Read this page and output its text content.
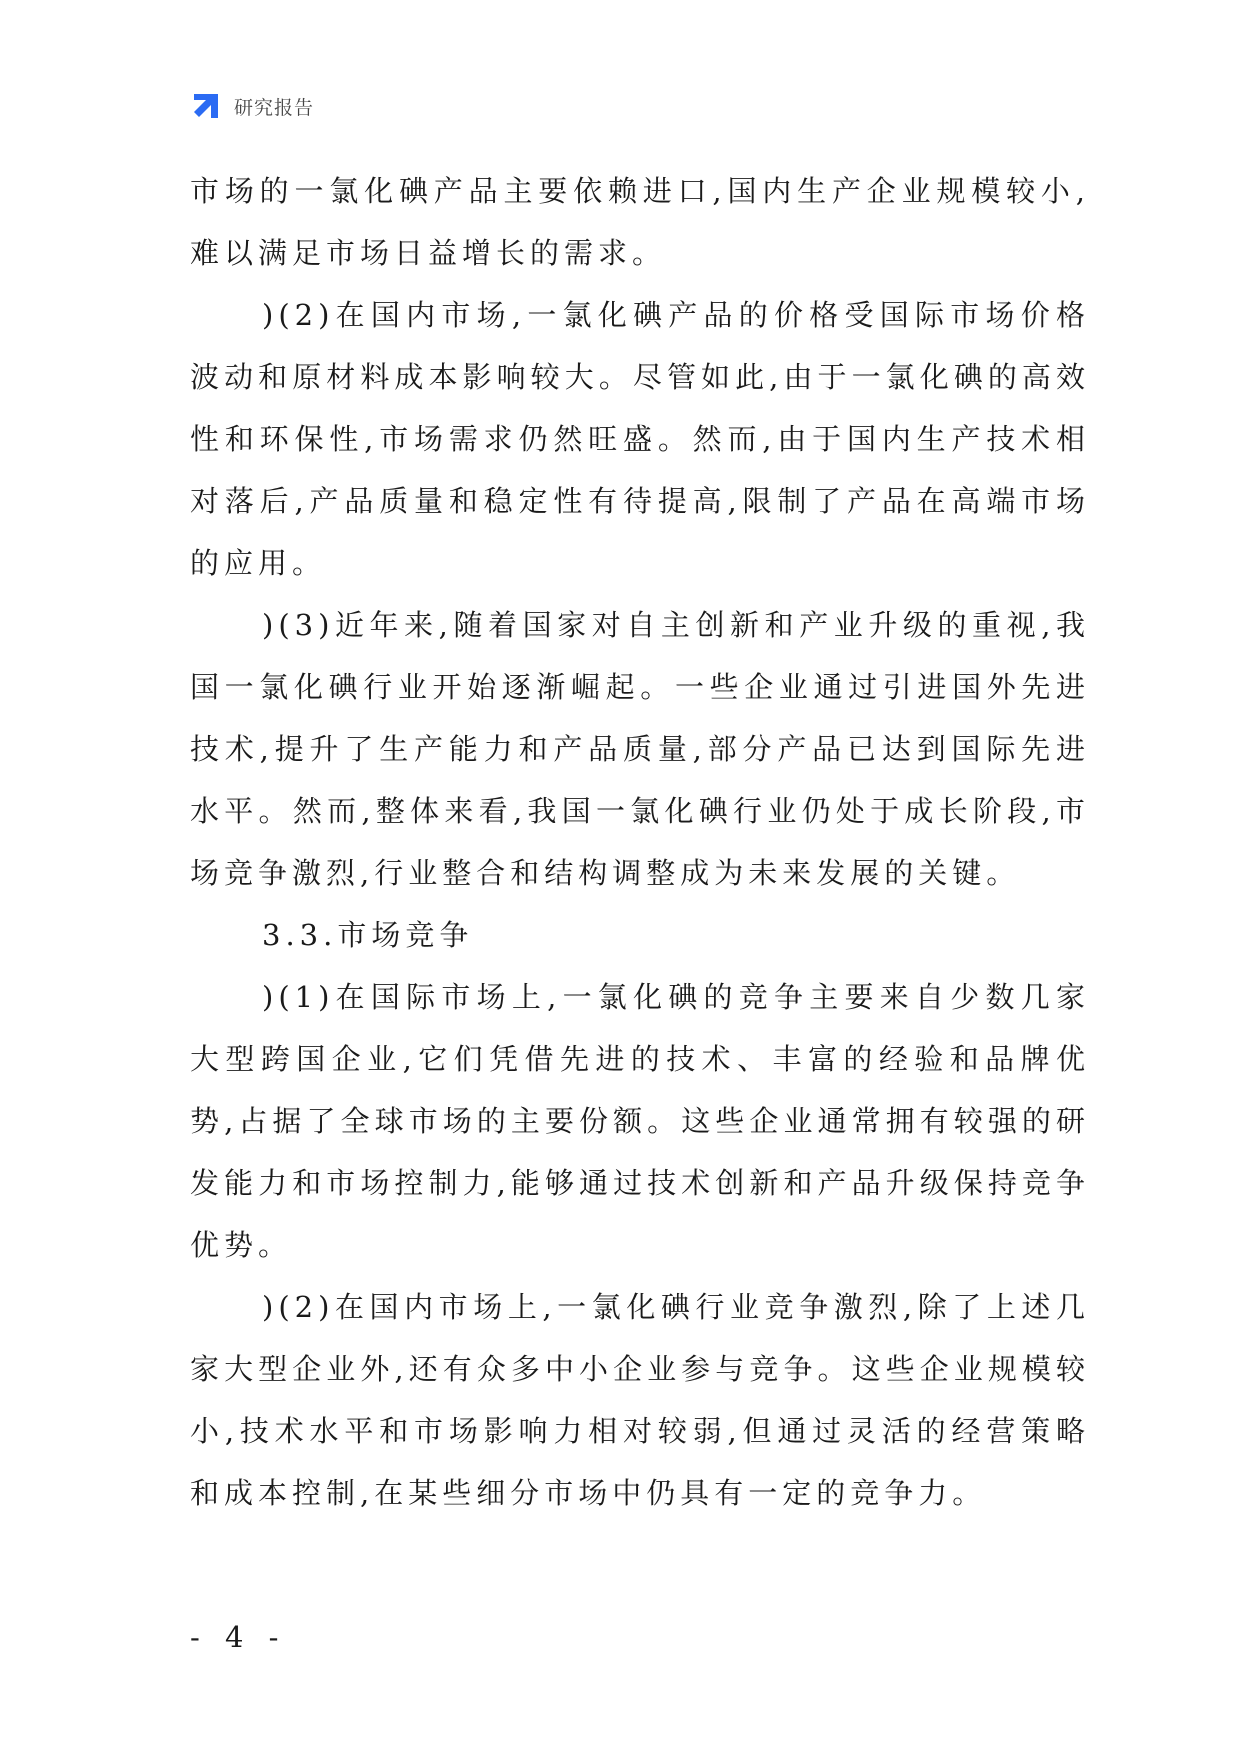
研究报告

市场的一氯化碘产品主要依赖进口,国内生产企业规模较小,难以满足市场日益增长的需求。

)(2)在国内市场,一氯化碘产品的价格受国际市场价格波动和原材料成本影响较大。尽管如此,由于一氯化碘的高效性和环保性,市场需求仍然旺盛。然而,由于国内生产技术相对落后,产品质量和稳定性有待提高,限制了产品在高端市场的应用。

)(3)近年来,随着国家对自主创新和产业升级的重视,我国一氯化碘行业开始逐渐崛起。一些企业通过引进国外先进技术,提升了生产能力和产品质量,部分产品已达到国际先进水平。然而,整体来看,我国一氯化碘行业仍处于成长阶段,市场竞争激烈,行业整合和结构调整成为未来发展的关键。

3.3.市场竞争

)(1)在国际市场上,一氯化碘的竞争主要来自少数几家大型跨国企业,它们凭借先进的技术、丰富的经验和品牌优势,占据了全球市场的主要份额。这些企业通常拥有较强的研发能力和市场控制力,能够通过技术创新和产品升级保持竞争优势。

)(2)在国内市场上,一氯化碘行业竞争激烈,除了上述几家大型企业外,还有众多中小企业参与竞争。这些企业规模较小,技术水平和市场影响力相对较弱,但通过灵活的经营策略和成本控制,在某些细分市场中仍具有一定的竞争力。

- 4 -
